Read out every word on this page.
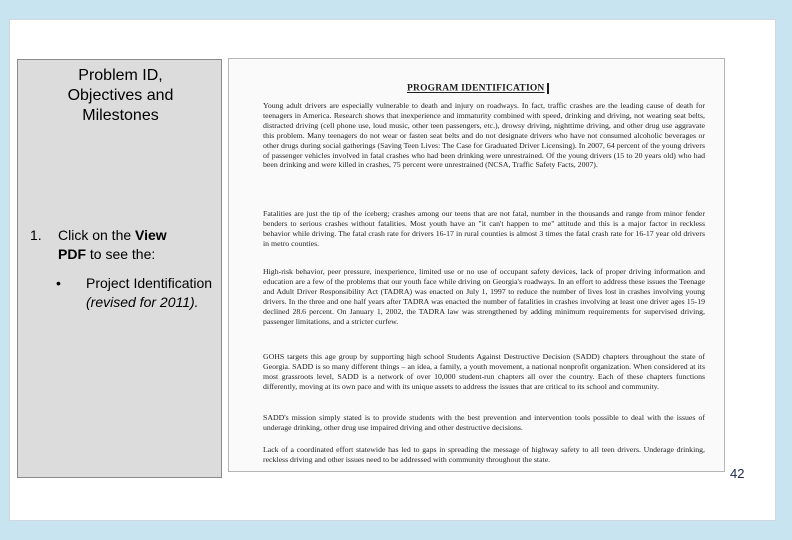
Problem ID,
Objectives and
Milestones
1. Click on the View
PDF to see the:
• Project Identification (revised for 2011).
PROGRAM IDENTIFICATION

Young adult drivers are especially vulnerable to death and injury on roadways. In fact, traffic crashes are the leading cause of death for teenagers in America. Research shows that inexperience and immaturity combined with speed, drinking and driving, not wearing seat belts, distracted driving (cell phone use, loud music, other teen passengers, etc.), drowsy driving, nighttime driving, and other drug use aggravate this problem. Many teenagers do not wear or fasten seat belts and do not designate drivers who have not consumed alcoholic beverages or other drugs during social gatherings (Saving Teen Lives: The Case for Graduated Driver Licensing). In 2007, 64 percent of the young drivers of passenger vehicles involved in fatal crashes who had been drinking were unrestrained. Of the young drivers (15 to 20 years old) who had been drinking and were killed in crashes, 75 percent were unrestrained (NCSA, Traffic Safety Facts, 2007).

Fatalities are just the tip of the iceberg; crashes among our teens that are not fatal, number in the thousands and range from minor fender benders to serious crashes without fatalities. Most youth have an "it can't happen to me" attitude and this is a major factor in reckless behavior while driving. The fatal crash rate for drivers 16-17 in rural counties is almost 3 times the fatal crash rate for 16-17 year old drivers in metro counties.

High-risk behavior, peer pressure, inexperience, limited use or no use of occupant safety devices, lack of proper driving information and education are a few of the problems that our youth face while driving on Georgia's roadways. In an effort to address these issues the Teenage and Adult Driver Responsibility Act (TADRA) was enacted on July 1, 1997 to reduce the number of lives lost in crashes involving young drivers. In the three and one half years after TADRA was enacted the number of fatalities in crashes involving at least one driver ages 15-19 declined 28.6 percent. On January 1, 2002, the TADRA law was strengthened by adding minimum requirements for supervised driving, passenger limitations, and a stricter curfew.

GOHS targets this age group by supporting high school Students Against Destructive Decision (SADD) chapters throughout the state of Georgia. SADD is so many different things – an idea, a family, a youth movement, a national nonprofit organization. When considered at its most grassroots level, SADD is a network of over 10,000 student-run chapters all over the country. Each of these chapters functions differently, moving at its own pace and with its unique assets to address the issues that are critical to its school and community.

SADD's mission simply stated is to provide students with the best prevention and intervention tools possible to deal with the issues of underage drinking, other drug use impaired driving and other destructive decisions.

Lack of a coordinated effort statewide has led to gaps in spreading the message of highway safety to all teen drivers. Underage drinking, reckless driving and other issues need to be addressed with community throughout the state.

42
